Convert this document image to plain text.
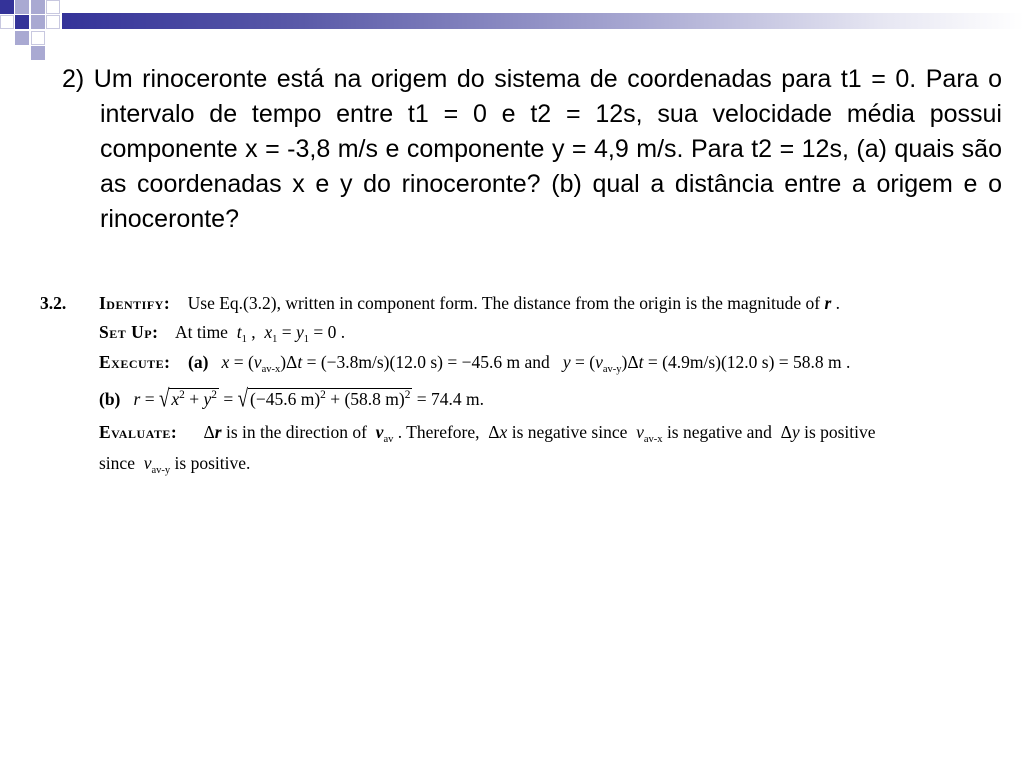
2) Um rinoceronte está na origem do sistema de coordenadas para t1 = 0. Para o intervalo de tempo entre t1 = 0 e t2 = 12s, sua velocidade média possui componente x = -3,8 m/s e componente y = 4,9 m/s. Para t2 = 12s, (a) quais são as coordenadas x e y do rinoceronte? (b) qual a distância entre a origem e o rinoceronte?
3.2. Identify: Use Eq.(3.2), written in component form. The distance from the origin is the magnitude of r .
Set Up: At time $t_1$ ,  $x_1 = y_1 = 0$ .
Execute: (a) $x = (v_{av-x})\Delta t = (-3.8m/s)(12.0$ s) = −45.6 m and $y = (v_{av-y})\Delta t = (4.9m/s)(12.0$ s) = 58.8 m .
(b) r = √ $x^2 + y^2$ = √ (−45.6 m)$^2$ + (58.8 m)$^2$ = 74.4 m.
Evaluate:      Δr is in the direction of $v_{av}$ . Therefore,  Δx is negative since $v_{av-x}$ is negative and  Δy is positive
since $v_{av-y}$ is positive.
